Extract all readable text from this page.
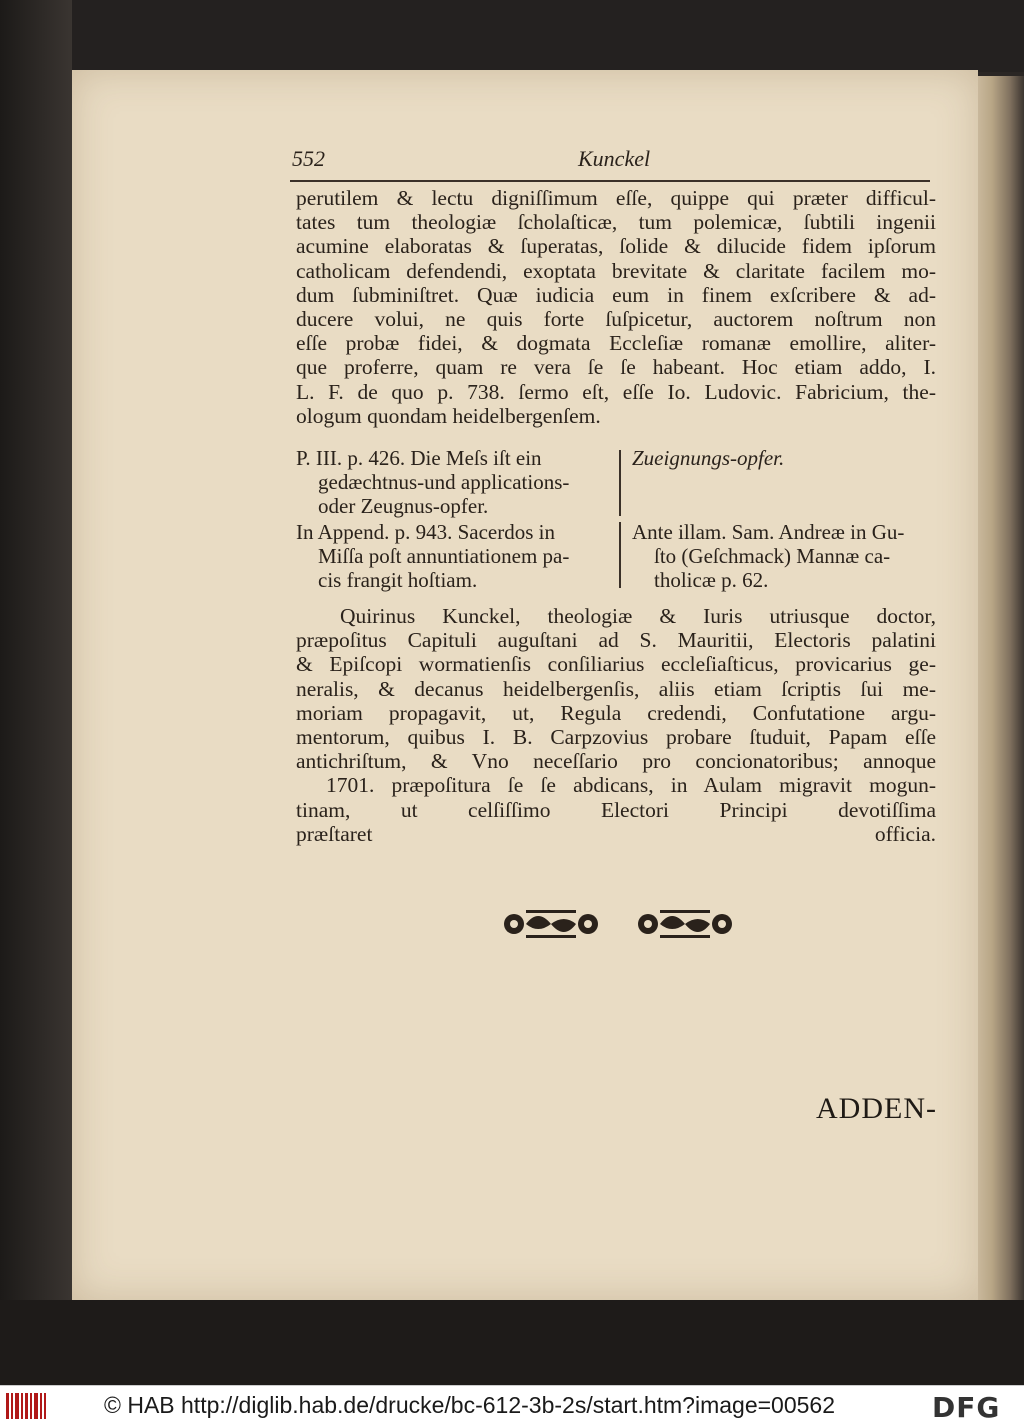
552	Kunckel
perutilem & lectu digniſſimum eſſe, quippe qui præter difficul-
tates tum theologiæ ſcholaſticæ, tum polemicæ, ſubtili ingenii
acumine elaboratas & ſuperatas, ſolide & dilucide fidem ipſorum
catholicam defendendi, exoptata brevitate & claritate facilem mo-
dum ſubminiſtret. Quæ iudicia eum in finem exſcribere & ad-
ducere volui, ne quis forte ſuſpicetur, auctorem noſtrum non
eſſe probæ fidei, & dogmata Eccleſiæ romanæ emollire, aliter-
que proferre, quam re vera ſe ſe habeant. Hoc etiam addo, I.
L. F. de quo p. 738. ſermo eſt, eſſe Io. Ludovic. Fabricium, the-
ologum quondam heidelbergenſem.
P. III. p. 426. Die Meſs iſt ein
gedæchtnus-und applications-
oder Zeugnus-opfer.
Zueignungs-opfer.
In Append. p. 943. Sacerdos in
Miſſa poſt annuntiationem pa-
cis frangit hoſtiam.
Ante illam. Sam. Andreæ in Gu-
ſto (Geſchmack) Mannæ ca-
tholicæ p. 62.
Quirinus Kunckel, theologiæ & Iuris utriusque doctor,
præpoſitus Capituli auguſtani ad S. Mauritii, Electoris palatini
& Epiſcopi wormatienſis conſiliarius eccleſiaſticus, provicarius ge-
neralis, & decanus heidelbergenſis, aliis etiam ſcriptis ſui me-
moriam propagavit, ut, Regula credendi, Confutatione argu-
mentorum, quibus I. B. Carpzovius probare ſtuduit, Papam eſſe
antichriſtum, & Vno neceſſario pro concionatoribus; annoque
1701. præpoſitura ſe ſe abdicans, in Aulam migravit mogun-
tinam, ut celſiſſimo Electori Principi devotiſſima
præſtaret officia.
ADDEN-
© HAB http://diglib.hab.de/drucke/bc-612-3b-2s/start.htm?image=00562	DFG
